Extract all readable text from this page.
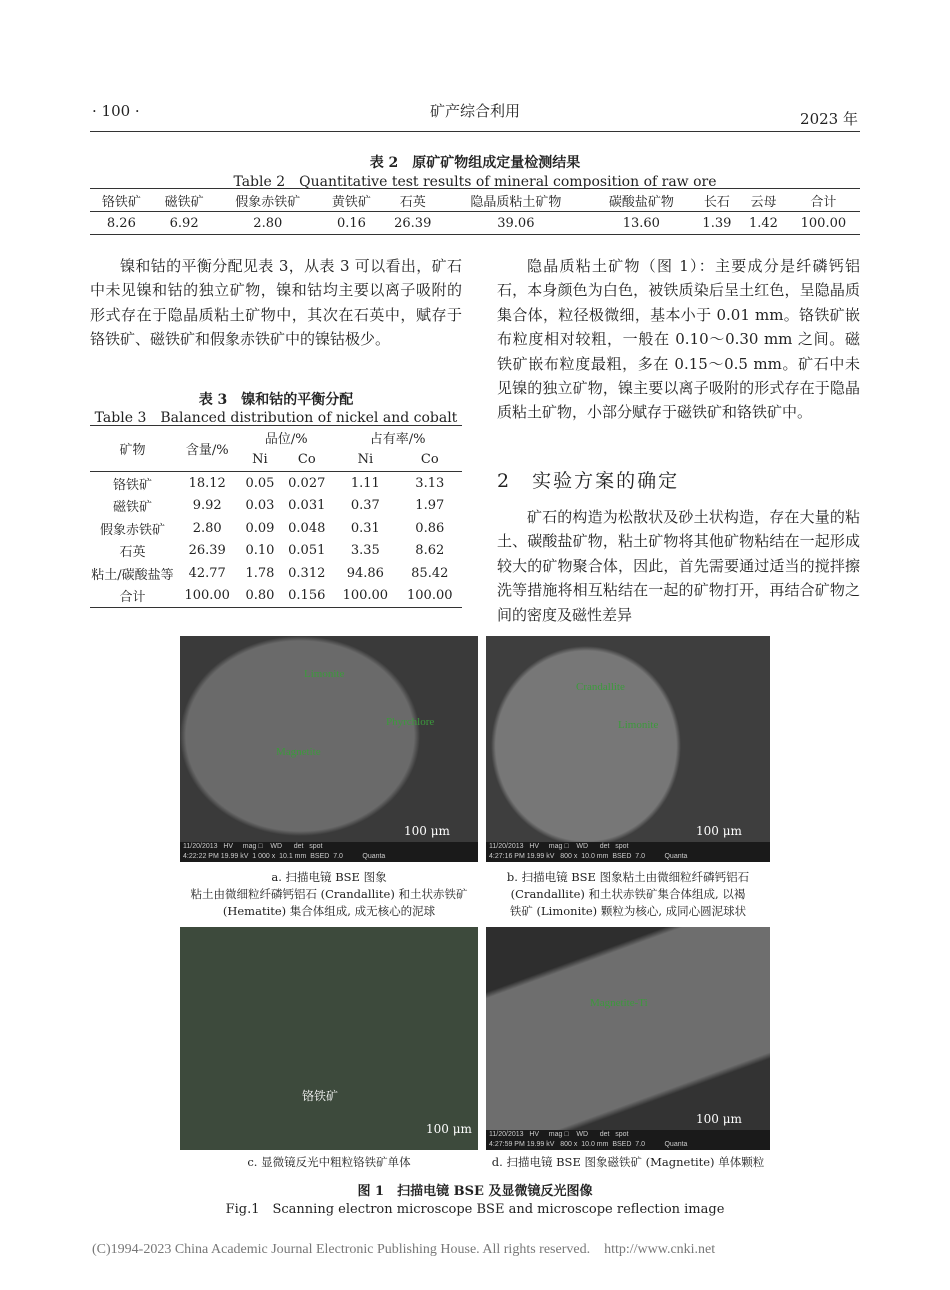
· 100 ·	矿产综合利用	2023 年
表 2　原矿矿物组成定量检测结果
Table 2　Quantitative test results of mineral composition of raw ore
铬铁矿	磁铁矿	假象赤铁矿	黄铁矿	石英	隐晶质粘土矿物	碳酸盐矿物	长石	云母	合计
8.26	6.92	2.80	0.16	26.39	39.06	13.60	1.39	1.42	100.00

镍和钴的平衡分配见表 3，从表 3 可以看出，矿石中未见镍和钴的独立矿物，镍和钴均主要以离子吸附的形式存在于隐晶质粘土矿物中，其次在石英中，赋存于铬铁矿、磁铁矿和假象赤铁矿中的镍钴极少。

表 3　镍和钴的平衡分配
Table 3　Balanced distribution of nickel and cobalt
矿物	含量/%	品位/%		占有率/%	
		Ni	Co	Ni	Co
铬铁矿	18.12	0.05	0.027	1.11	3.13
磁铁矿	9.92	0.03	0.031	0.37	1.97
假象赤铁矿	2.80	0.09	0.048	0.31	0.86
石英	26.39	0.10	0.051	3.35	8.62
粘土/碳酸盐等	42.77	1.78	0.312	94.86	85.42
合计	100.00	0.80	0.156	100.00	100.00

隐晶质粘土矿物（图 1）：主要成分是纤磷钙铝石，本身颜色为白色，被铁质染后呈土红色，呈隐晶质集合体，粒径极微细，基本小于 0.01 mm。铬铁矿嵌布粒度相对较粗，一般在 0.10～0.30 mm 之间。磁铁矿嵌布粒度最粗，多在 0.15～0.5 mm。矿石中未见镍的独立矿物，镍主要以离子吸附的形式存在于隐晶质粘土矿物，小部分赋存于磁铁矿和铬铁矿中。

2　 实验方案的确定

矿石的构造为松散状及砂土状构造，存在大量的粘土、碳酸盐矿物，粘土矿物将其他矿物粘结在一起形成较大的矿物聚合体，因此，首先需要通过适当的搅拌擦洗等措施将相互粘结在一起的矿物打开，再结合矿物之间的密度及磁性差异

Limonite
Phyrchlore
Magnetite
100 μm
11/20/2013   HV     mag □    WD      det   spot
4:22:22 PM 19.99 kV  1 000 x  10.1 mm  BSED  7.0          Quanta
Crandallite
Limonite
100 μm
11/20/2013   HV     mag □    WD      det   spot
4:27:16 PM 19.99 kV   800 x  10.0 mm  BSED  7.0          Quanta
a. 扫描电镜 BSE 图象
粘土由微细粒纤磷钙铝石 (Crandallite) 和土状赤铁矿
(Hematite) 集合体组成, 成无核心的泥球
b. 扫描电镜 BSE 图象粘土由微细粒纤磷钙铝石
(Crandallite) 和土状赤铁矿集合体组成, 以褐
铁矿 (Limonite) 颗粒为核心, 成同心圆泥球状
铬铁矿
100 μm
Magnetite-Ti
100 μm
11/20/2013   HV     mag □    WD      det   spot
4:27:59 PM 19.99 kV   800 x  10.0 mm  BSED  7.0          Quanta
c. 显微镜反光中粗粒铬铁矿单体	d. 扫描电镜 BSE 图象磁铁矿 (Magnetite) 单体颗粒
图 1　扫描电镜 BSE 及显微镜反光图像
Fig.1　Scanning electron microscope BSE and microscope reflection image
(C)1994-2023 China Academic Journal Electronic Publishing House. All rights reserved.    http://www.cnki.net
